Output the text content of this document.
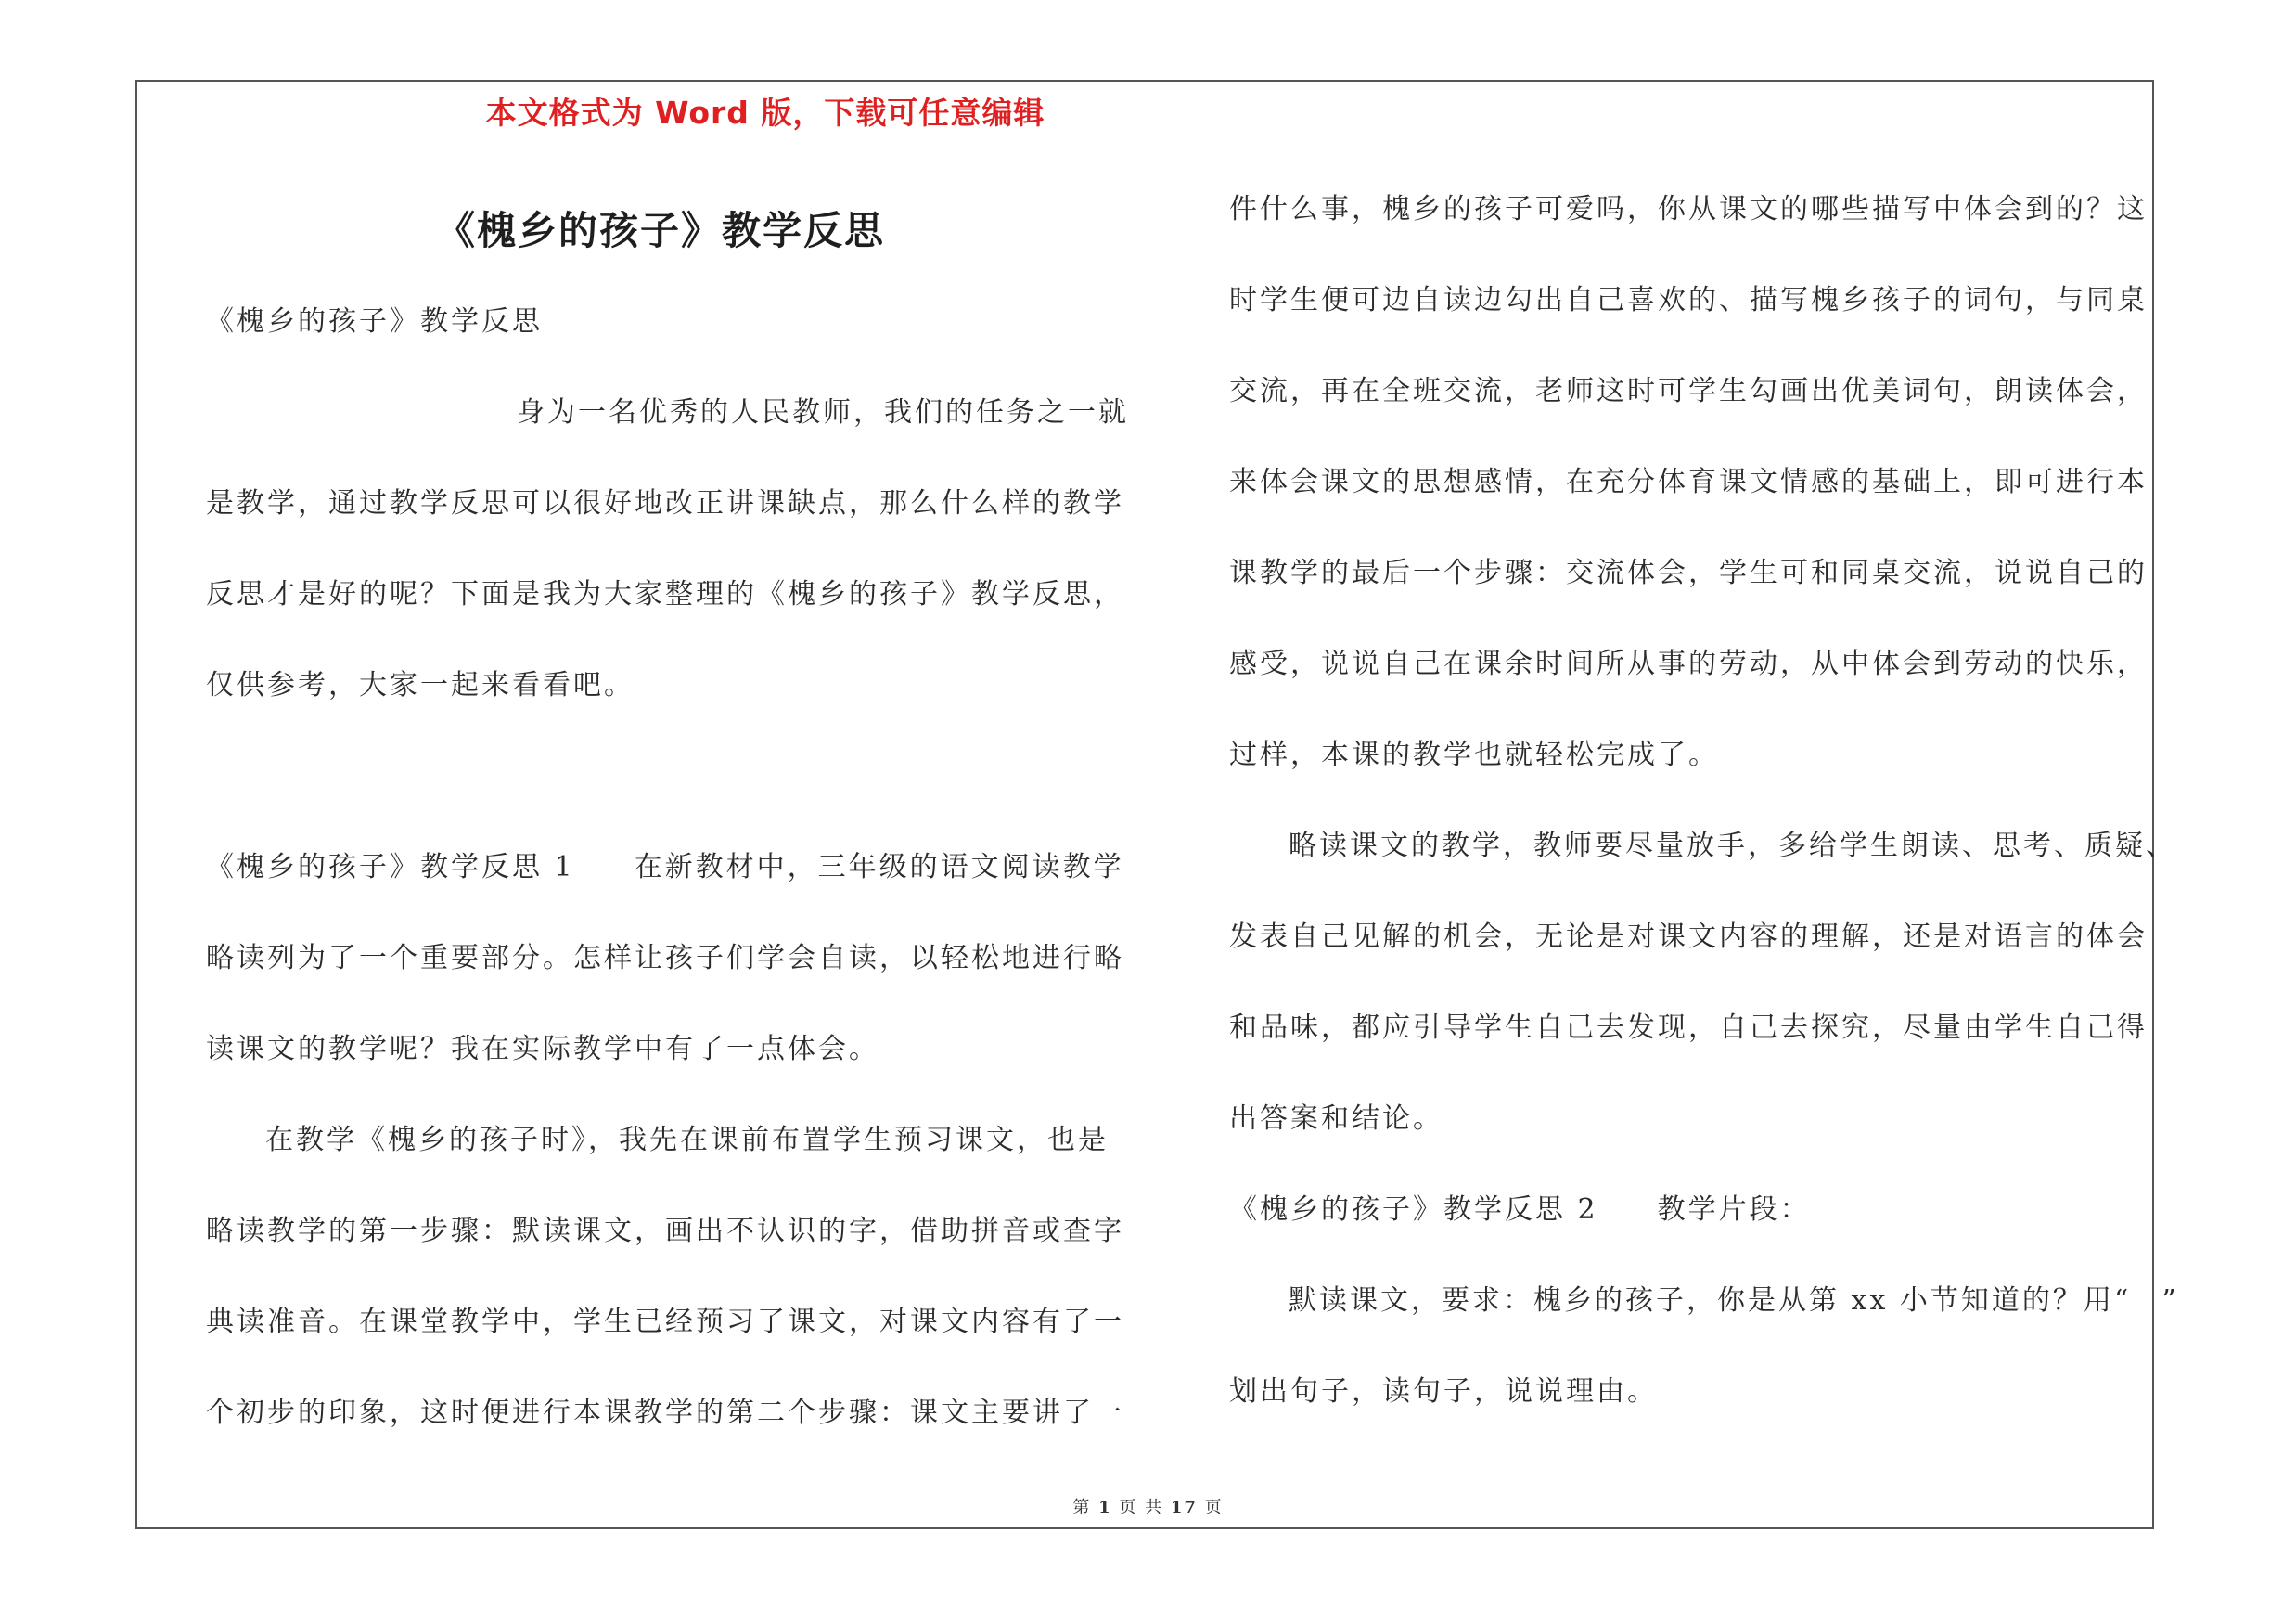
本文格式为 Word 版，下载可任意编辑
《槐乡的孩子》教学反思
《槐乡的孩子》教学反思
身为一名优秀的人民教师，我们的任务之一就
是教学，通过教学反思可以很好地改正讲课缺点，那么什么样的教学
反思才是好的呢？下面是我为大家整理的《槐乡的孩子》教学反思，
仅供参考，大家一起来看看吧。
《槐乡的孩子》教学反思 1 在新教材中，三年级的语文阅读教学
略读列为了一个重要部分。怎样让孩子们学会自读，以轻松地进行略
读课文的教学呢？我在实际教学中有了一点体会。
在教学《槐乡的孩子时》，我先在课前布置学生预习课文，也是
略读教学的第一步骤：默读课文，画出不认识的字，借助拼音或查字
典读准音。在课堂教学中，学生已经预习了课文，对课文内容有了一
个初步的印象，这时便进行本课教学的第二个步骤：课文主要讲了一
件什么事，槐乡的孩子可爱吗，你从课文的哪些描写中体会到的？这
时学生便可边自读边勾出自己喜欢的、描写槐乡孩子的词句，与同桌
交流，再在全班交流，老师这时可学生勾画出优美词句，朗读体会，
来体会课文的思想感情，在充分体育课文情感的基础上，即可进行本
课教学的最后一个步骤：交流体会，学生可和同桌交流，说说自己的
感受，说说自己在课余时间所从事的劳动，从中体会到劳动的快乐，
过样，本课的教学也就轻松完成了。
略读课文的教学，教师要尽量放手，多给学生朗读、思考、质疑、
发表自己见解的机会，无论是对课文内容的理解，还是对语言的体会
和品味，都应引导学生自己去发现，自己去探究，尽量由学生自己得
出答案和结论。
《槐乡的孩子》教学反思 2 教学片段：
默读课文，要求：槐乡的孩子，你是从第 xx 小节知道的？用“　”
划出句子，读句子，说说理由。
第 1 页 共 17 页
